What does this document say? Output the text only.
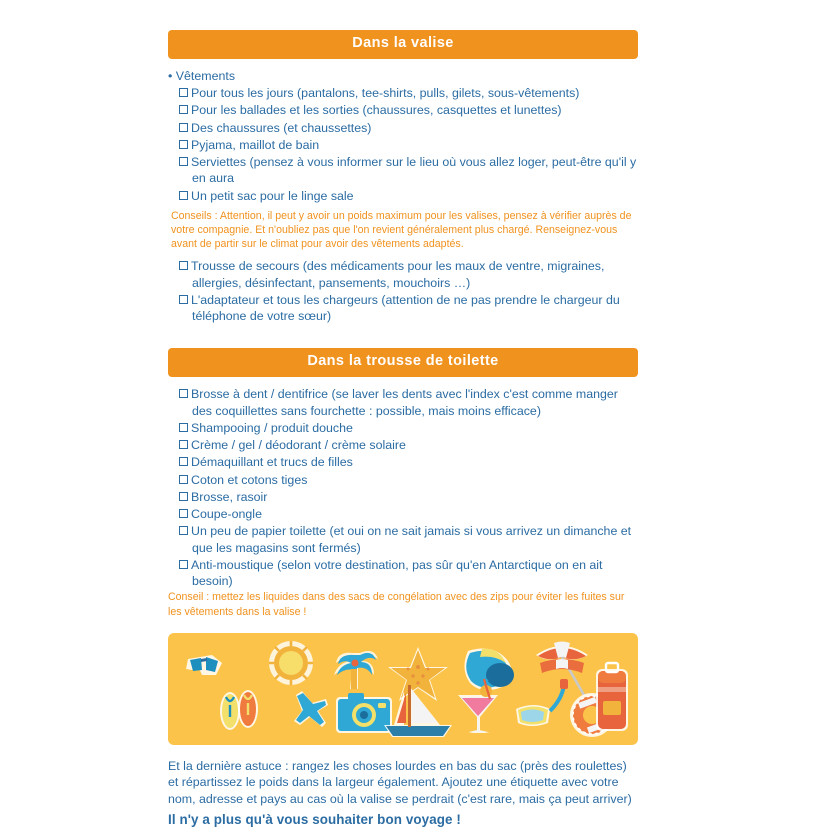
Dans la valise
• Vêtements
Pour tous les jours (pantalons, tee-shirts, pulls, gilets, sous-vêtements)
Pour les ballades et les sorties (chaussures, casquettes et lunettes)
Des chaussures (et chaussettes)
Pyjama, maillot de bain
Serviettes (pensez à vous informer sur le lieu où vous allez loger, peut-être qu'il y en aura
Un petit sac pour le linge sale
Conseils : Attention, il peut y avoir un poids maximum pour les valises, pensez à vérifier auprès de votre compagnie. Et n'oubliez pas que l'on revient généralement plus chargé. Renseignez-vous avant de partir sur le climat pour avoir des vêtements adaptés.
Trousse de secours (des médicaments pour les maux de ventre, migraines, allergies, désinfectant, pansements, mouchoirs …)
L'adaptateur et tous les chargeurs (attention de ne pas prendre le chargeur du téléphone de votre sœur)
Dans la trousse de toilette
Brosse à dent / dentifrice (se laver les dents avec l'index c'est comme manger des coquillettes sans fourchette : possible, mais moins efficace)
Shampooing / produit douche
Crème / gel / déodorant / crème solaire
Démaquillant et trucs de filles
Coton et cotons tiges
Brosse, rasoir
Coupe-ongle
Un peu de papier toilette (et oui on ne sait jamais si vous arrivez un dimanche et que les magasins sont fermés)
Anti-moustique (selon votre destination, pas sûr qu'en Antarctique on en ait besoin)
Conseil : mettez les liquides dans des sacs de congélation avec des zips pour éviter les fuites sur les vêtements dans la valise !
Et la dernière astuce : rangez les choses lourdes en bas du sac (près des roulettes) et répartissez le poids dans la largeur également. Ajoutez une étiquette avec votre nom, adresse et pays au cas où la valise se perdrait (c'est rare, mais ça peut arriver)
Il n'y a plus qu'à vous souhaiter bon voyage !
